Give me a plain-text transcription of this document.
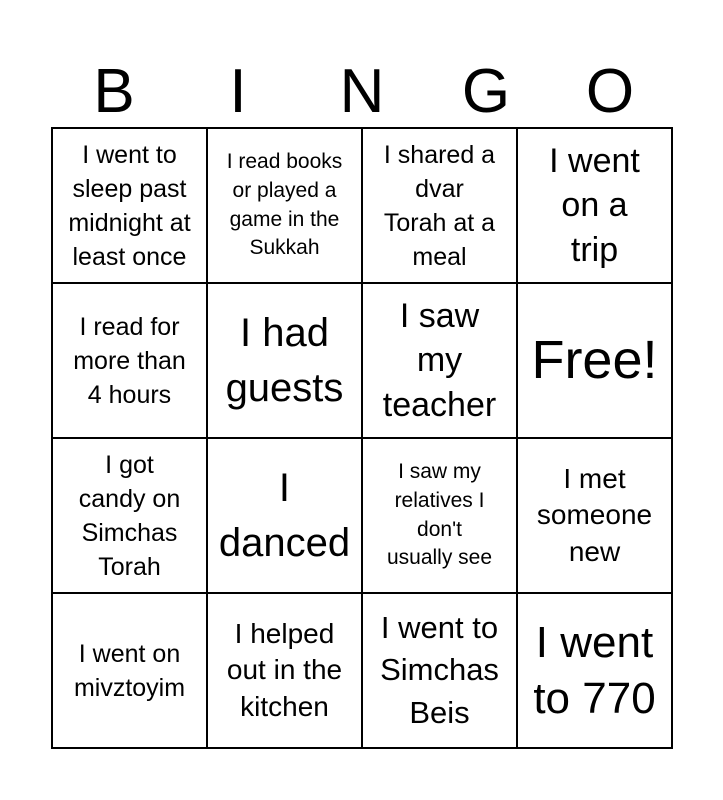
B	I	N	G	O
I went to
sleep past
midnight at
least once
I read books
or played a
game in the
Sukkah
I shared a
dvar
Torah at a
meal
I went
on a
trip
I read for
more than
4 hours
I had
guests
I saw
my
teacher
Free!
I got
candy on
Simchas
Torah
I
danced
I saw my
relatives I
don't
usually see
I met
someone
new
I went on
mivztoyim
I helped
out in the
kitchen
I went to
Simchas
Beis
I went
to 770
